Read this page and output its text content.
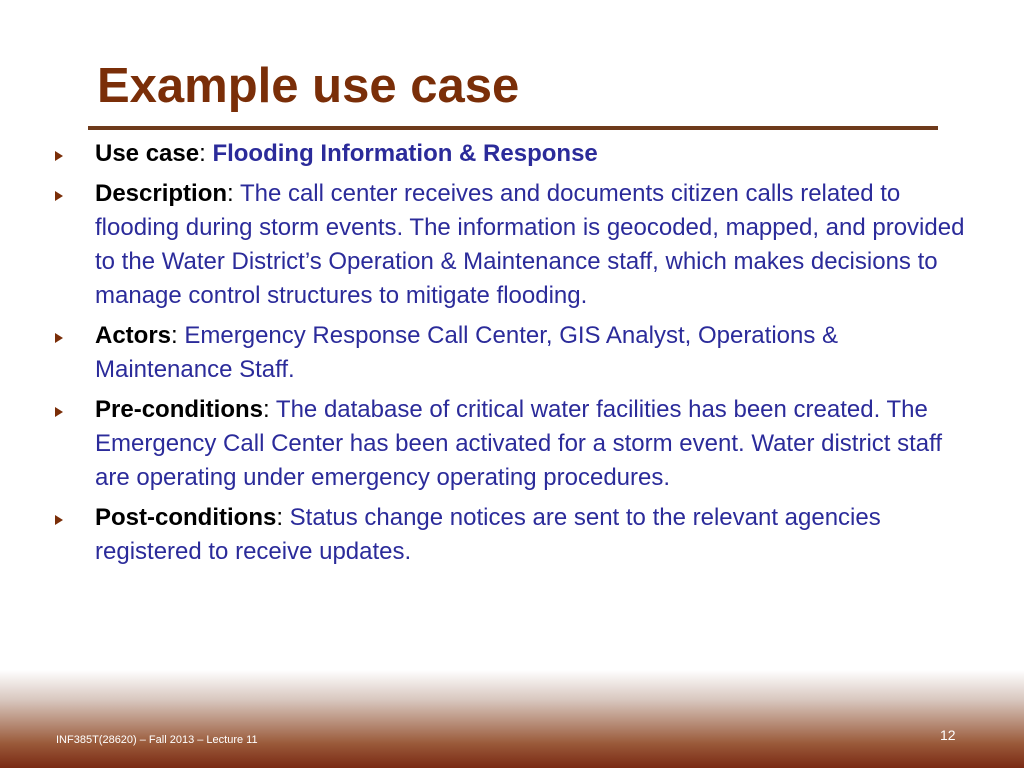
Example use case
Use case: Flooding Information & Response
Description: The call center receives and documents citizen calls related to flooding during storm events. The information is geocoded, mapped, and provided to the Water District’s Operation & Maintenance staff, which makes decisions to manage control structures to mitigate flooding.
Actors: Emergency Response Call Center, GIS Analyst, Operations & Maintenance Staff.
Pre-conditions: The database of critical water facilities has been created. The Emergency Call Center has been activated for a storm event. Water district staff are operating under emergency operating procedures.
Post-conditions: Status change notices are sent to the relevant agencies registered to receive updates.
INF385T(28620) – Fall 2013 – Lecture 11	12
